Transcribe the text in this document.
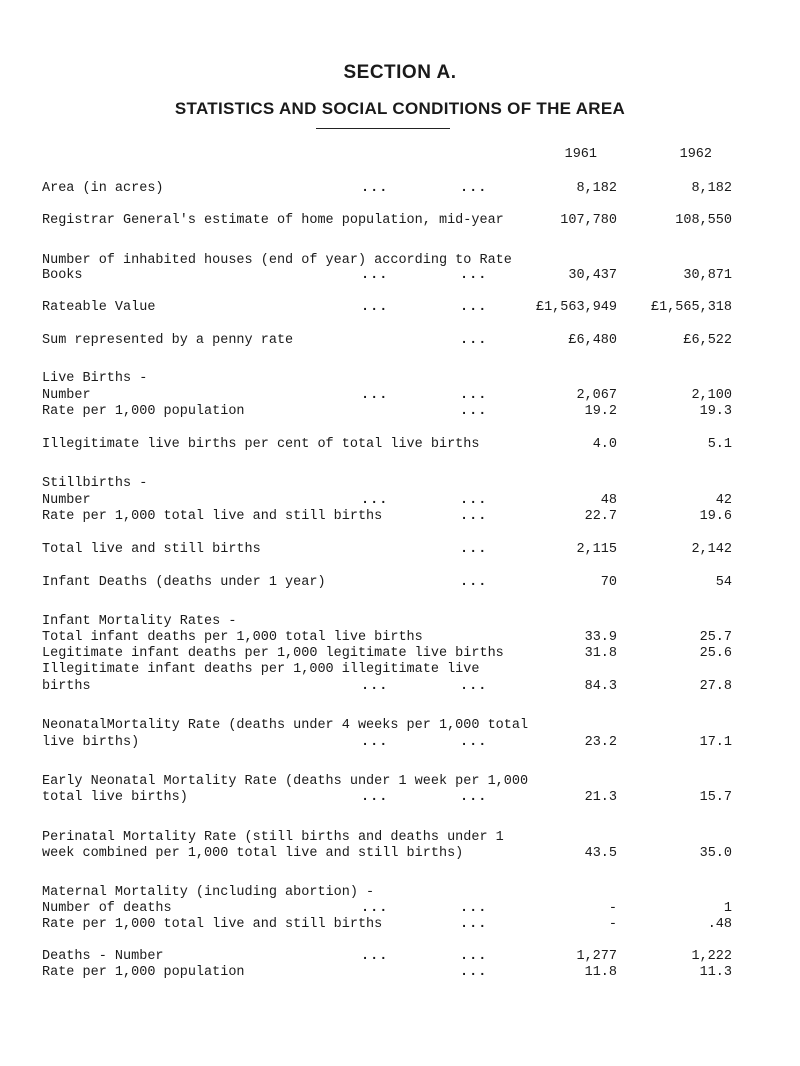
SECTION A.
STATISTICS AND SOCIAL CONDITIONS OF THE AREA
1961	1962
Area (in acres)	...	...	8,182	8,182
Registrar General's estimate of home population, mid-year	107,780	108,550
Number of inhabited houses (end of year) according to Rate
Books	...	...	30,437	30,871
Rateable Value	...	...	£1,563,949	£1,565,318
Sum represented by a penny rate	...	£6,480	£6,522
Live Births -
Number	...	...	2,067	2,100
Rate per 1,000 population	...	19.2	19.3
Illegitimate live births per cent of total live births	4.0	5.1
Stillbirths -
Number	...	...	48	42
Rate per 1,000 total live and still births	...	22.7	19.6
Total live and still births	...	2,115	2,142
Infant Deaths (deaths under 1 year)	...	70	54
Infant Mortality Rates -
Total infant deaths per 1,000 total live births	33.9	25.7
Legitimate infant deaths per 1,000 legitimate live births	31.8	25.6
Illegitimate infant deaths per 1,000 illegitimate live
births	...	...	84.3	27.8
NeonatalMortality Rate (deaths under 4 weeks per 1,000 total
live births)	...	...	23.2	17.1
Early Neonatal Mortality Rate (deaths under 1 week per 1,000
total live births)	...	...	21.3	15.7
Perinatal Mortality Rate (still births and deaths under 1
week combined per 1,000 total live and still births)	43.5	35.0
Maternal Mortality (including abortion) -
Number of deaths	...	...	-	1
Rate per 1,000 total live and still births	...	-	.48
Deaths - Number	...	...	1,277	1,222
Rate per 1,000 population	...	11.8	11.3
